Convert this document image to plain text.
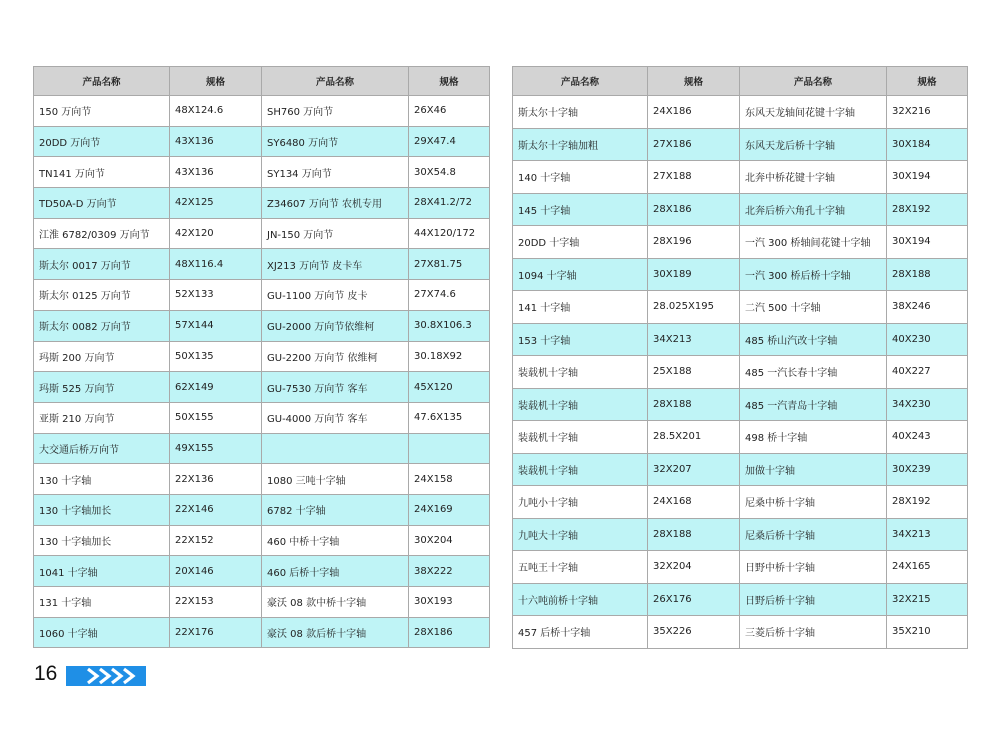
产品名称	规格	产品名称	规格
150 万向节	48X124.6	SH760 万向节	26X46
20DD 万向节	43X136	SY6480 万向节	29X47.4
TN141 万向节	43X136	SY134 万向节	30X54.8
TD50A-D 万向节	42X125	Z34607 万向节 农机专用	28X41.2/72
江淮 6782/0309 万向节	42X120	JN-150 万向节	44X120/172
斯太尔 0017 万向节	48X116.4	XJ213 万向节 皮卡车	27X81.75
斯太尔 0125 万向节	52X133	GU-1100 万向节 皮卡	27X74.6
斯太尔 0082 万向节	57X144	GU-2000 万向节依维柯	30.8X106.3
玛斯 200 万向节	50X135	GU-2200 万向节 依维柯	30.18X92
玛斯 525 万向节	62X149	GU-7530 万向节 客车	45X120
亚斯 210 万向节	50X155	GU-4000 万向节 客车	47.6X135
大交通后桥万向节	49X155		
130 十字轴	22X136	1080 三吨十字轴	24X158
130 十字轴加长	22X146	6782 十字轴	24X169
130 十字轴加长	22X152	460 中桥十字轴	30X204
1041 十字轴	20X146	460 后桥十字轴	38X222
131 十字轴	22X153	豪沃 08 款中桥十字轴	30X193
1060 十字轴	22X176	豪沃 08 款后桥十字轴	28X186
产品名称	规格	产品名称	规格
斯太尔十字轴	24X186	东风天龙轴间花键十字轴	32X216
斯太尔十字轴加粗	27X186	东风天龙后桥十字轴	30X184
140 十字轴	27X188	北奔中桥花键十字轴	30X194
145 十字轴	28X186	北奔后桥六角孔十字轴	28X192
20DD 十字轴	28X196	一汽 300 桥轴间花键十字轴	30X194
1094 十字轴	30X189	一汽 300 桥后桥十字轴	28X188
141 十字轴	28.025X195	二汽 500 十字轴	38X246
153 十字轴	34X213	485 桥山汽改十字轴	40X230
装载机十字轴	25X188	485 一汽长春十字轴	40X227
装载机十字轴	28X188	485 一汽青岛十字轴	34X230
装载机十字轴	28.5X201	498 桥十字轴	40X243
装载机十字轴	32X207	加做十字轴	30X239
九吨小十字轴	24X168	尼桑中桥十字轴	28X192
九吨大十字轴	28X188	尼桑后桥十字轴	34X213
五吨王十字轴	32X204	日野中桥十字轴	24X165
十六吨前桥十字轴	26X176	日野后桥十字轴	32X215
457 后桥十字轴	35X226	三菱后桥十字轴	35X210
16
